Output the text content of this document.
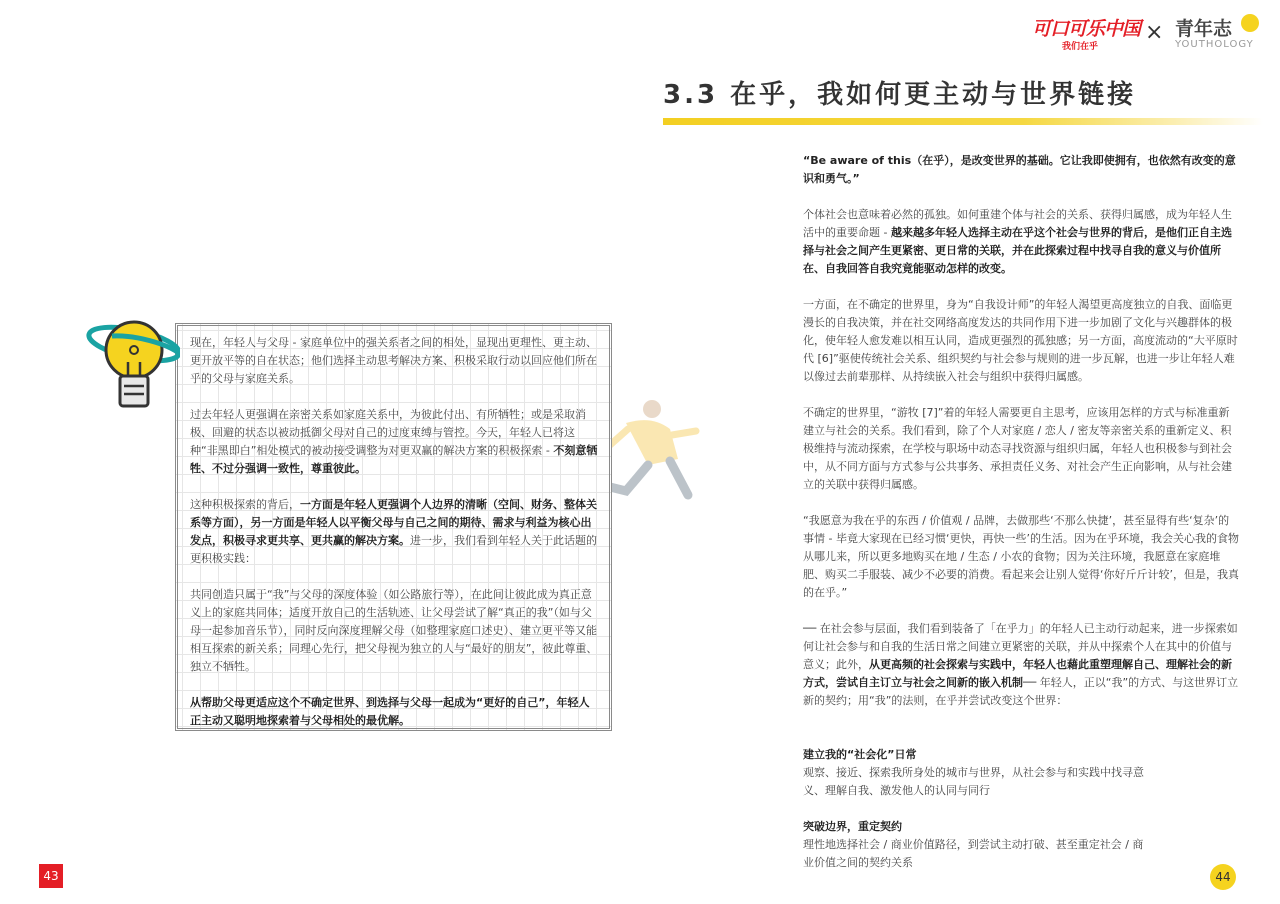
可口可乐中国
我们在乎
× 青年志
YOUTHOLOGY
3.3 在乎，我如何更主动与世界链接

“Be aware of this（在乎），是改变世界的基础。它让我即使拥有，也依然有改变的意识和勇气。”

个体社会也意味着必然的孤独。如何重建个体与社会的关系、获得归属感，成为年轻人生活中的重要命题 - 越来越多年轻人选择主动在乎这个社会与世界的背后，是他们正自主选择与社会之间产生更紧密、更日常的关联，并在此探索过程中找寻自我的意义与价值所在、自我回答自我究竟能驱动怎样的改变。

一方面，在不确定的世界里，身为“自我设计师”的年轻人渴望更高度独立的自我、面临更漫长的自我决策，并在社交网络高度发达的共同作用下进一步加剧了文化与兴趣群体的极化，使年轻人愈发难以相互认同，造成更强烈的孤独感；另一方面，高度流动的“大平原时代 [6]”驱使传统社会关系、组织契约与社会参与规则的进一步瓦解，也进一步让年轻人难以像过去前辈那样、从持续嵌入社会与组织中获得归属感。

不确定的世界里，“游牧 [7]”着的年轻人需要更自主思考，应该用怎样的方式与标准重新建立与社会的关系。我们看到，除了个人对家庭 / 恋人 / 密友等亲密关系的重新定义、积极维持与流动探索，在学校与职场中动态寻找资源与组织归属，年轻人也积极参与到社会中，从不同方面与方式参与公共事务、承担责任义务、对社会产生正向影响，从与社会建立的关联中获得归属感。

“我愿意为我在乎的东西 / 价值观 / 品牌，去做那些‘不那么快捷’，甚至显得有些‘复杂’的事情 - 毕竟大家现在已经习惯‘更快，再快一些’的生活。因为在乎环境，我会关心我的食物从哪儿来，所以更多地购买在地 / 生态 / 小农的食物；因为关注环境，我愿意在家庭堆肥、购买二手服装、减少不必要的消费。看起来会让别人觉得‘你好斤斤计较’，但是，我真的在乎。”

── 在社会参与层面，我们看到装备了「在乎力」的年轻人已主动行动起来，进一步探索如何让社会参与和自我的生活日常之间建立更紧密的关联，并从中探索个人在其中的价值与意义；此外，从更高频的社会探索与实践中，年轻人也藉此重塑理解自己、理解社会的新方式，尝试自主订立与社会之间新的嵌入机制── 年轻人，正以“我”的方式、与这世界订立新的契约；用“我”的法则，在乎并尝试改变这个世界：

建立我的“社会化”日常
观察、接近、探索我所身处的城市与世界，从社会参与和实践中找寻意义、理解自我、激发他人的认同与同行
突破边界，重定契约
理性地选择社会 / 商业价值路径，到尝试主动打破、甚至重定社会 / 商业价值之间的契约关系

现在，年轻人与父母 - 家庭单位中的强关系者之间的相处，显现出更理性、更主动、更开放平等的自在状态；他们选择主动思考解决方案、积极采取行动以回应他们所在乎的父母与家庭关系。

过去年轻人更强调在亲密关系如家庭关系中，为彼此付出、有所牺牲；或是采取消极、回避的状态以被动抵御父母对自己的过度束缚与管控。今天，年轻人已将这种“非黑即白”相处模式的被动接受调整为对更双赢的解决方案的积极探索 - 不刻意牺牲、不过分强调一致性，尊重彼此。

这种积极探索的背后，一方面是年轻人更强调个人边界的清晰（空间、财务、整体关系等方面），另一方面是年轻人以平衡父母与自己之间的期待、需求与利益为核心出发点，积极寻求更共享、更共赢的解决方案。进一步，我们看到年轻人关于此话题的更积极实践：

共同创造只属于“我”与父母的深度体验（如公路旅行等），在此间让彼此成为真正意义上的家庭共同体；适度开放自己的生活轨迹、让父母尝试了解“真正的我”（如与父母一起参加音乐节），同时反向深度理解父母（如整理家庭口述史）、建立更平等又能相互探索的新关系；同理心先行，把父母视为独立的人与“最好的朋友”，彼此尊重、独立不牺牲。

从帮助父母更适应这个不确定世界、到选择与父母一起成为“更好的自己”，年轻人正主动又聪明地探索着与父母相处的最优解。

43	44
